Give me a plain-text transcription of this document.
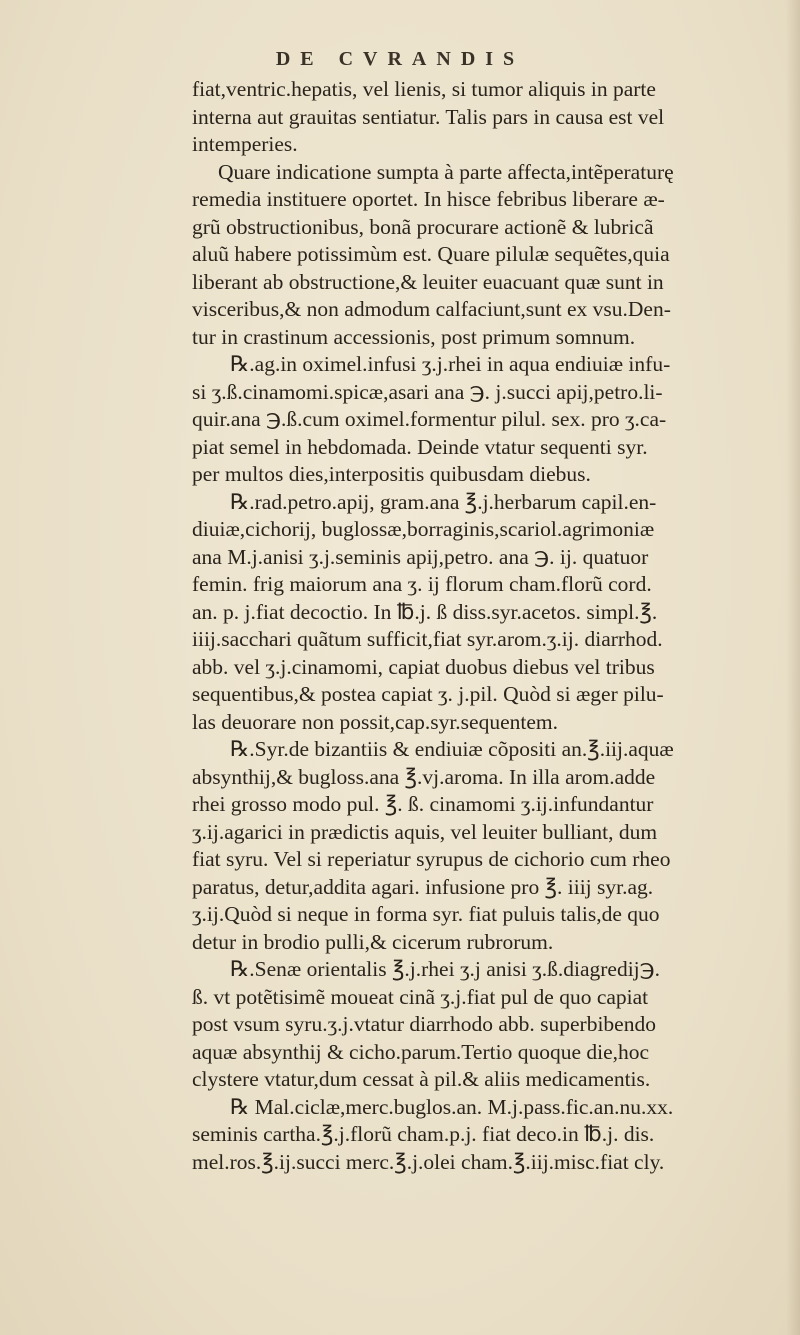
DE CVRANDIS
fiat,ventric.hepatis, vel lienis, si tumor aliquis in parte
interna aut grauitas sentiatur. Talis pars in causa est vel
intemperies.
Quare indicatione sumpta à parte affecta,intẽperaturę
remedia instituere oportet. In hisce febribus liberare æ-
grũ obstructionibus, bonã procurare actionẽ & lubricã
aluũ habere potissimùm est. Quare pilulæ sequẽtes,quia
liberant ab obstructione,& leuiter euacuant quæ sunt in
visceribus,& non admodum calfaciunt,sunt ex vsu.Den-
tur in crastinum accessionis, post primum somnum.
℞.ag.in oximel.infusi ʒ.j.rhei in aqua endiuiæ infu-
si ʒ.ß.cinamomi.spicæ,asari ana ℈. j.succi apij,petro.li-
quir.ana ℈.ß.cum oximel.formentur pilul. sex. pro ʒ.ca-
piat semel in hebdomada. Deinde vtatur sequenti syr.
per multos dies,interpositis quibusdam diebus.
℞.rad.petro.apij, gram.ana ℥.j.herbarum capil.en-
diuiæ,cichorij, buglossæ,borraginis,scariol.agrimoniæ
ana M.j.anisi ʒ.j.seminis apij,petro. ana ℈. ij. quatuor
femin. frig maiorum ana ʒ. ij florum cham.florũ cord.
an. p. j.fiat decoctio. In ℔.j. ß diss.syr.acetos. simpl.℥.
iiij.sacchari quãtum sufficit,fiat syr.arom.ʒ.ij. diarrhod.
abb. vel ʒ.j.cinamomi, capiat duobus diebus vel tribus
sequentibus,& postea capiat ʒ. j.pil. Quòd si æger pilu-
las deuorare non possit,cap.syr.sequentem.
℞.Syr.de bizantiis & endiuiæ cõpositi an.℥.iij.aquæ
absynthij,& bugloss.ana ℥.vj.aroma. In illa arom.adde
rhei grosso modo pul. ℥. ß. cinamomi ʒ.ij.infundantur
ʒ.ij.agarici in prædictis aquis, vel leuiter bulliant, dum
fiat syru. Vel si reperiatur syrupus de cichorio cum rheo
paratus, detur,addita agari. infusione pro ℥. iiij syr.ag.
ʒ.ij.Quòd si neque in forma syr. fiat puluis talis,de quo
detur in brodio pulli,& cicerum rubrorum.
℞.Senæ orientalis ℥.j.rhei ʒ.j anisi ʒ.ß.diagredij℈.
ß. vt potẽtisimẽ moueat cinã ʒ.j.fiat pul de quo capiat
post vsum syru.ʒ.j.vtatur diarrhodo abb. superbibendo
aquæ absynthij & cicho.parum.Tertio quoque die,hoc
clystere vtatur,dum cessat à pil.& aliis medicamentis.
℞ Mal.ciclæ,merc.buglos.an. M.j.pass.fic.an.nu.xx.
seminis cartha.℥.j.florũ cham.p.j. fiat deco.in ℔.j. dis.
mel.ros.℥.ij.succi merc.℥.j.olei cham.℥.iij.misc.fiat cly.
